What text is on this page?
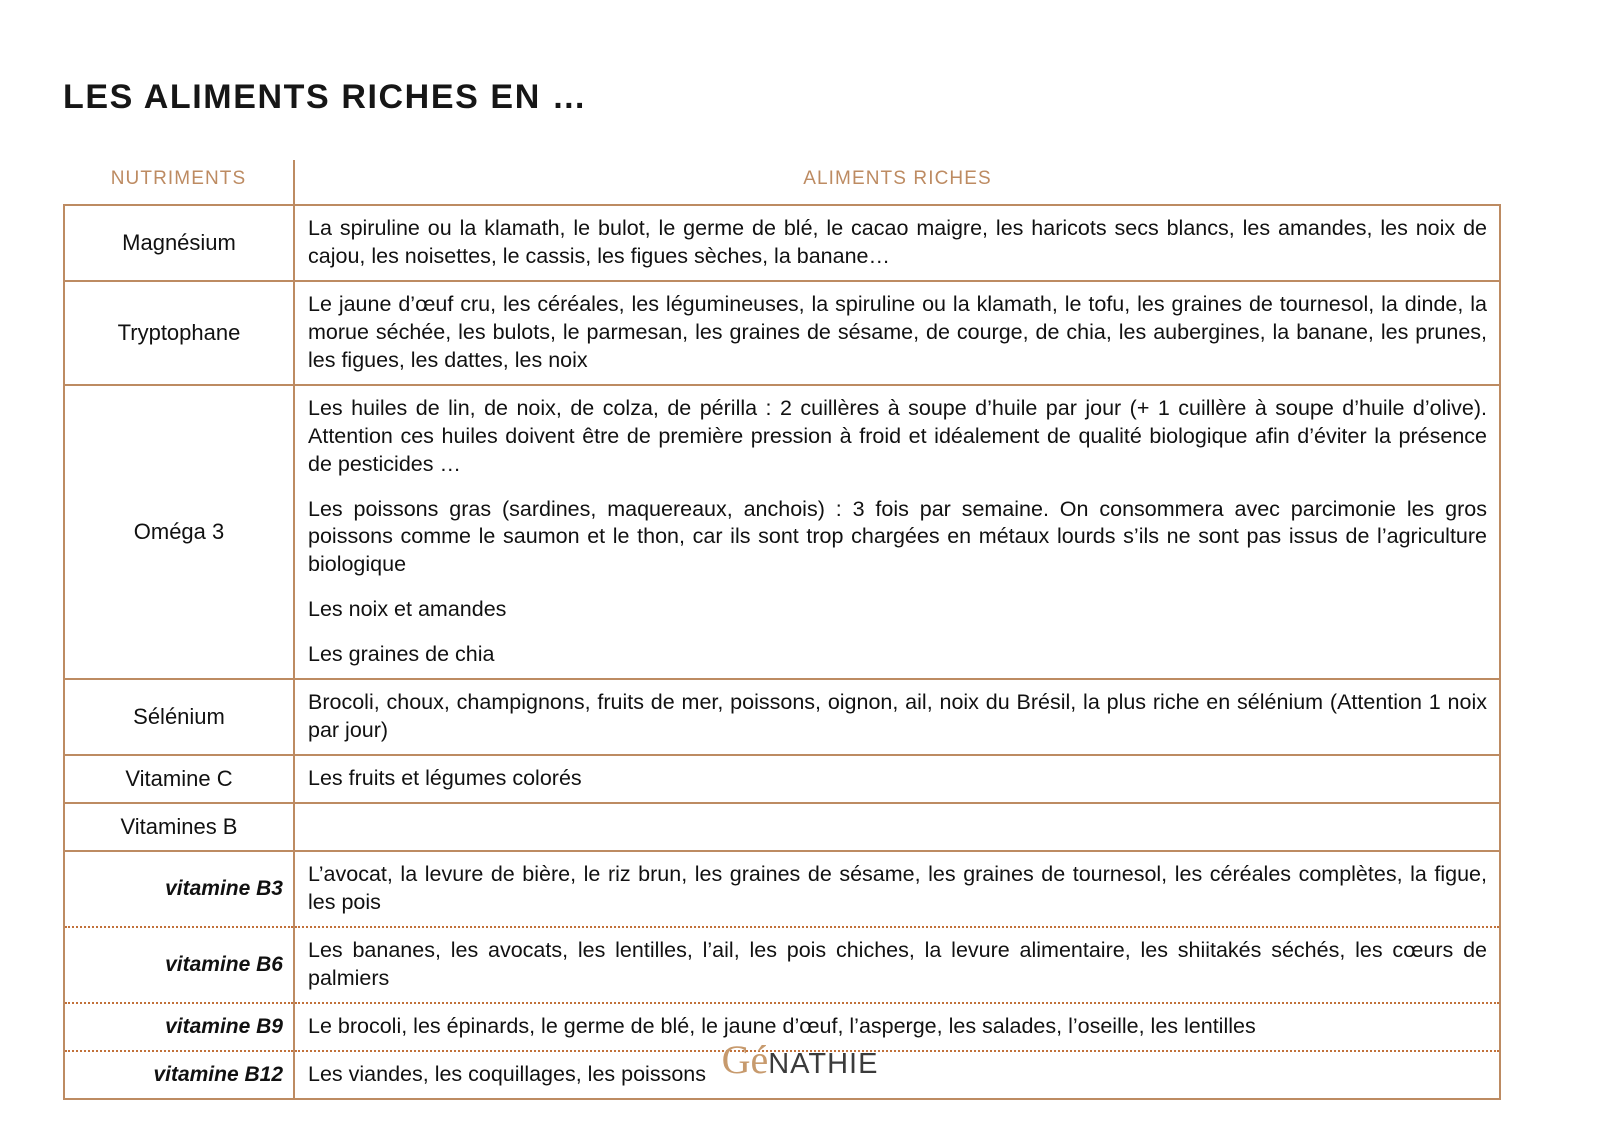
LES ALIMENTS RICHES EN …
NUTRIMENTS	ALIMENTS RICHES
Magnésium	La spiruline ou la klamath, le bulot, le germe de blé, le cacao maigre, les haricots secs blancs, les amandes, les noix de cajou, les noisettes, le cassis, les figues sèches, la banane…

Tryptophane	Le jaune d’œuf cru, les céréales, les légumineuses, la spiruline ou la klamath, le tofu, les graines de tournesol, la dinde, la morue séchée, les bulots, le parmesan, les graines de sésame, de courge, de chia, les aubergines, la banane, les prunes, les figues, les dattes, les noix

Oméga 3	Les huiles de lin, de noix, de colza, de périlla : 2 cuillères à soupe d’huile par jour (+ 1 cuillère à soupe d’huile d’olive). Attention ces huiles doivent être de première pression à froid et idéalement de qualité biologique afin d’éviter la présence de pesticides …

Les poissons gras (sardines, maquereaux, anchois) : 3 fois par semaine. On consommera avec parcimonie les gros poissons comme le saumon et le thon, car ils sont trop chargées en métaux lourds s’ils ne sont pas issus de l’agriculture biologique

Les noix et amandes

Les graines de chia

Sélénium	Brocoli, choux, champignons, fruits de mer, poissons, oignon, ail, noix du Brésil, la plus riche en sélénium (Attention 1 noix par jour)

Vitamine C	Les fruits et légumes colorés

Vitamines B	
vitamine B3	L’avocat, la levure de bière, le riz brun, les graines de sésame, les graines de tournesol, les céréales complètes, la figue, les pois

vitamine B6	Les bananes, les avocats, les lentilles, l’ail, les pois chiches, la levure alimentaire, les shiitakés séchés, les cœurs de palmiers

vitamine B9	Le brocoli, les épinards, le germe de blé, le jaune d’œuf, l’asperge, les salades, l’oseille, les lentilles

vitamine B12	Les viandes, les coquillages, les poissons GéNATHIE
